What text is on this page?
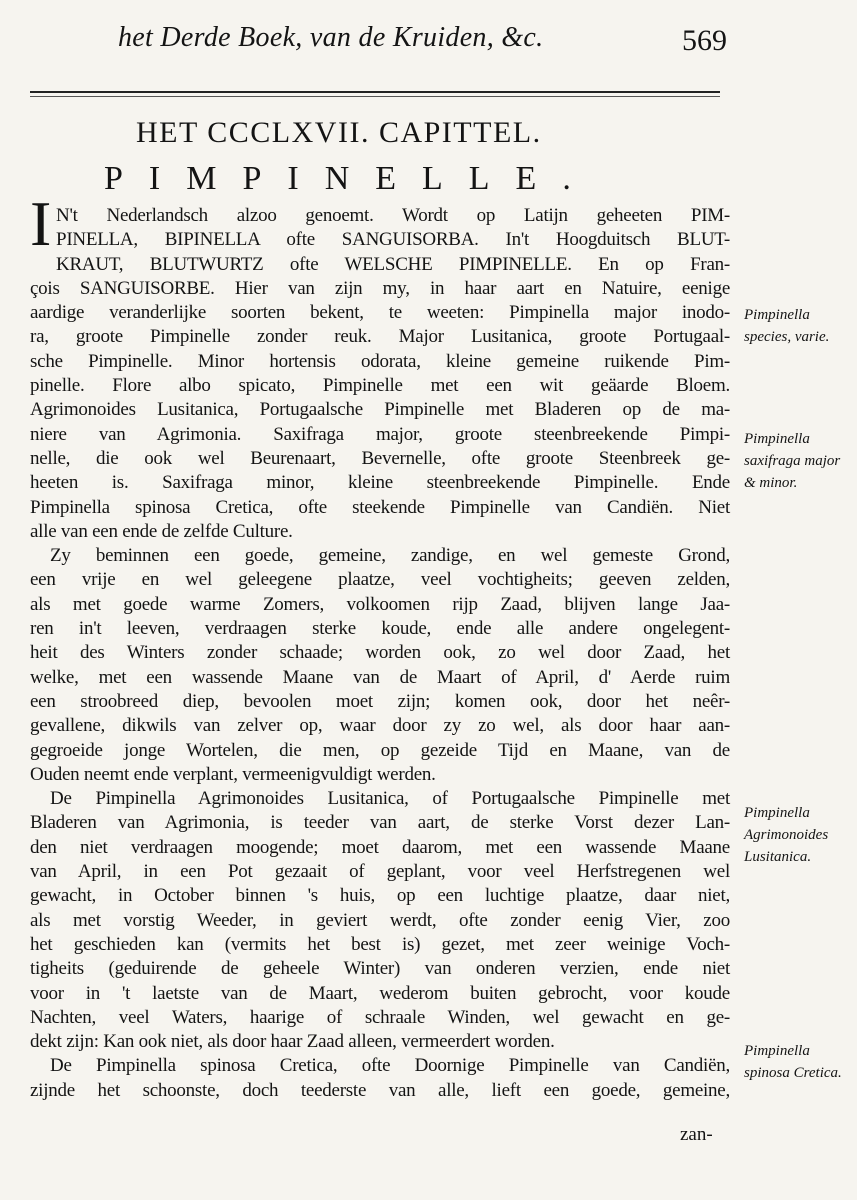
het Derde Boek, van de Kruiden, &c.	569
HET CCCLXVII. CAPITTEL.
PIMPINELLE.
I N't Nederlandsch alzoo genoemt. Wordt op Latijn geheeten PIM-
PINELLA, BIPINELLA ofte SANGUISORBA. In't Hoogduitsch BLUT-
KRAUT, BLUTWURTZ ofte WELSCHE PIMPINELLE. En op Fran-
çois SANGUISORBE. Hier van zijn my, in haar aart en Natuire, eenige
aardige veranderlijke soorten bekent, te weeten: Pimpinella major inodo-
ra, groote Pimpinelle zonder reuk. Major Lusitanica, groote Portugaal-
sche Pimpinelle. Minor hortensis odorata, kleine gemeine ruikende Pim-
pinelle. Flore albo spicato, Pimpinelle met een wit geäarde Bloem.
Agrimonoides Lusitanica, Portugaalsche Pimpinelle met Bladeren op de ma-
niere van Agrimonia. Saxifraga major, groote steenbreekende Pimpi-
nelle, die ook wel Beurenaart, Bevernelle, ofte groote Steenbreek ge-
heeten is. Saxifraga minor, kleine steenbreekende Pimpinelle. Ende
Pimpinella spinosa Cretica, ofte steekende Pimpinelle van Candiën. Niet
alle van een ende de zelfde Culture.
Zy beminnen een goede, gemeine, zandige, en wel gemeste Grond,
een vrije en wel geleegene plaatze, veel vochtigheits; geeven zelden,
als met goede warme Zomers, volkoomen rijp Zaad, blijven lange Jaa-
ren in't leeven, verdraagen sterke koude, ende alle andere ongelegent-
heit des Winters zonder schaade; worden ook, zo wel door Zaad, het
welke, met een wassende Maane van de Maart of April, d' Aerde ruim
een stroobreed diep, bevoolen moet zijn; komen ook, door het neêr-
gevallene, dikwils van zelver op, waar door zy zo wel, als door haar aan-
gegroeide jonge Wortelen, die men, op gezeide Tijd en Maane, van de
Ouden neemt ende verplant, vermeenigvuldigt werden.
De Pimpinella Agrimonoides Lusitanica, of Portugaalsche Pimpinelle met
Bladeren van Agrimonia, is teeder van aart, de sterke Vorst dezer Lan-
den niet verdraagen moogende; moet daarom, met een wassende Maane
van April, in een Pot gezaait of geplant, voor veel Herfstregenen wel
gewacht, in October binnen 's huis, op een luchtige plaatze, daar niet,
als met vorstig Weeder, in geviert werdt, ofte zonder eenig Vier, zoo
het geschieden kan (vermits het best is) gezet, met zeer weinige Voch-
tigheits (geduirende de geheele Winter) van onderen verzien, ende niet
voor in 't laetste van de Maart, wederom buiten gebrocht, voor koude
Nachten, veel Waters, haarige of schraale Winden, wel gewacht en ge-
dekt zijn: Kan ook niet, als door haar Zaad alleen, vermeerdert worden.
De Pimpinella spinosa Cretica, ofte Doornige Pimpinelle van Candiën,
zijnde het schoonste, doch teederste van alle, lieft een goede, gemeine,
Pimpinella species, varie.
Pimpinella saxifraga major & minor.
Pimpinella Agrimonoides Lusitanica.
Pimpinella spinosa Cretica.
zan-
